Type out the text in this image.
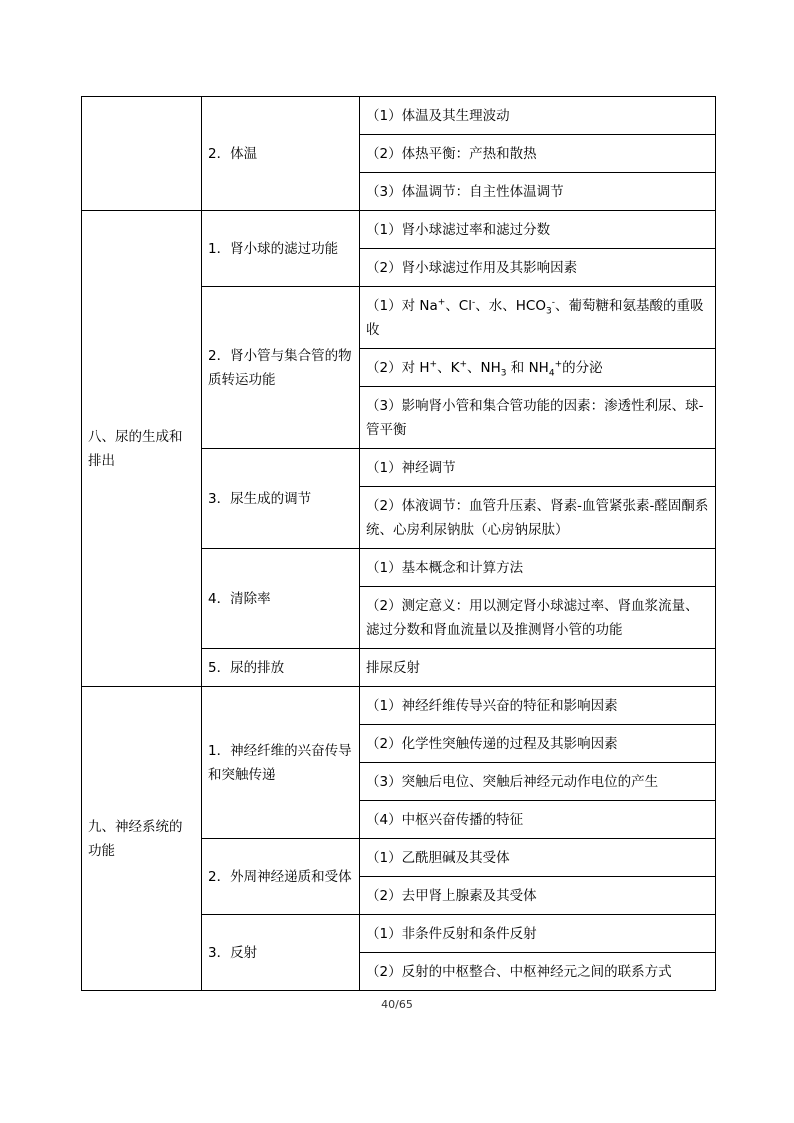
	2．体温	（1）体温及其生理波动
		（2）体热平衡：产热和散热
		（3）体温调节：自主性体温调节
八、尿的生成和排出	1．肾小球的滤过功能	（1）肾小球滤过率和滤过分数
		（2）肾小球滤过作用及其影响因素
	2．肾小管与集合管的物质转运功能	（1）对 Na+、Cl-、水、$HCO_3^-$、葡萄糖和氨基酸的重吸收
		（2）对 H+、K+、$NH_3$ 和 $NH_4^+$的分泌
		（3）影响肾小管和集合管功能的因素：渗透性利尿、球-管平衡
	3．尿生成的调节	（1）神经调节
		（2）体液调节：血管升压素、肾素-血管紧张素-醛固酮系统、心房利尿钠肽（心房钠尿肽）
	4．清除率	（1）基本概念和计算方法
		（2）测定意义：用以测定肾小球滤过率、肾血浆流量、滤过分数和肾血流量以及推测肾小管的功能
	5．尿的排放	排尿反射
九、神经系统的功能	1．神经纤维的兴奋传导和突触传递	（1）神经纤维传导兴奋的特征和影响因素
		（2）化学性突触传递的过程及其影响因素
		（3）突触后电位、突触后神经元动作电位的产生
		（4）中枢兴奋传播的特征
	2．外周神经递质和受体	（1）乙酰胆碱及其受体
		（2）去甲肾上腺素及其受体
	3．反射	（1）非条件反射和条件反射
		（2）反射的中枢整合、中枢神经元之间的联系方式
40/65
